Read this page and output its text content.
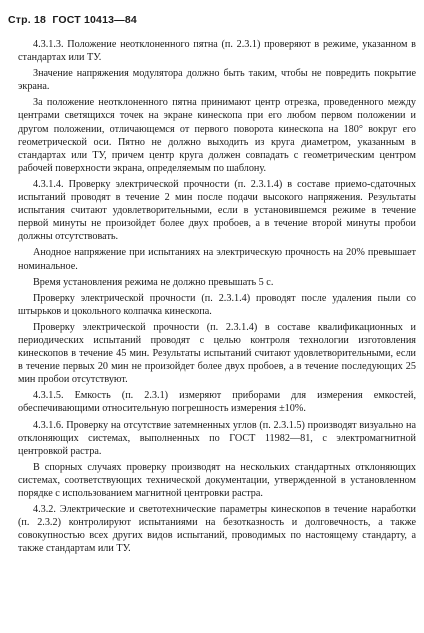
Стр. 18 ГОСТ 10413—84

4.3.1.3. Положение неотклоненного пятна (п. 2.3.1) проверяют в режиме, указанном в стандартах или ТУ.

Значение напряжения модулятора должно быть таким, чтобы не повредить покрытие экрана.

За положение неотклоненного пятна принимают центр отрезка, проведенного между центрами светящихся точек на экране кинескопа при его любом первом положении и другом положении, отличающемся от первого поворота кинескопа на 180° вокруг его геометрической оси. Пятно не должно выходить из круга диаметром, указанным в стандартах или ТУ, причем центр круга должен совпадать с геометрическим центром рабочей поверхности экрана, определяемым по шаблону.

4.3.1.4. Проверку электрической прочности (п. 2.3.1.4) в составе приемо-сдаточных испытаний проводят в течение 2 мин после подачи высокого напряжения. Результаты испытания считают удовлетворительными, если в установившемся режиме в течение первой минуты не произойдет более двух пробоев, а в течение второй минуты пробои должны отсутствовать.

Анодное напряжение при испытаниях на электрическую прочность на 20% превышает номинальное.

Время установления режима не должно превышать 5 с.

Проверку электрической прочности (п. 2.3.1.4) проводят после удаления пыли со штырьков и цокольного колпачка кинескопа.

Проверку электрической прочности (п. 2.3.1.4) в составе квалификационных и периодических испытаний проводят с целью контроля технологии изготовления кинескопов в течение 45 мин. Результаты испытаний считают удовлетворительными, если в течение первых 20 мин не произойдет более двух пробоев, а в течение последующих 25 мин пробои отсутствуют.

4.3.1.5. Емкость (п. 2.3.1) измеряют приборами для измерения емкостей, обеспечивающими относительную погрешность измерения ±10%.

4.3.1.6. Проверку на отсутствие затемненных углов (п. 2.3.1.5) производят визуально на отклоняющих системах, выполненных по ГОСТ 11982—81, с электромагнитной центровкой растра.

В спорных случаях проверку производят на нескольких стандартных отклоняющих системах, соответствующих технической документации, утвержденной в установленном порядке с использованием магнитной центровки растра.

4.3.2. Электрические и светотехнические параметры кинескопов в течение наработки (п. 2.3.2) контролируют испытаниями на безотказность и долговечность, а также совокупностью всех других видов испытаний, проводимых по настоящему стандарту, а также стандартам или ТУ.
